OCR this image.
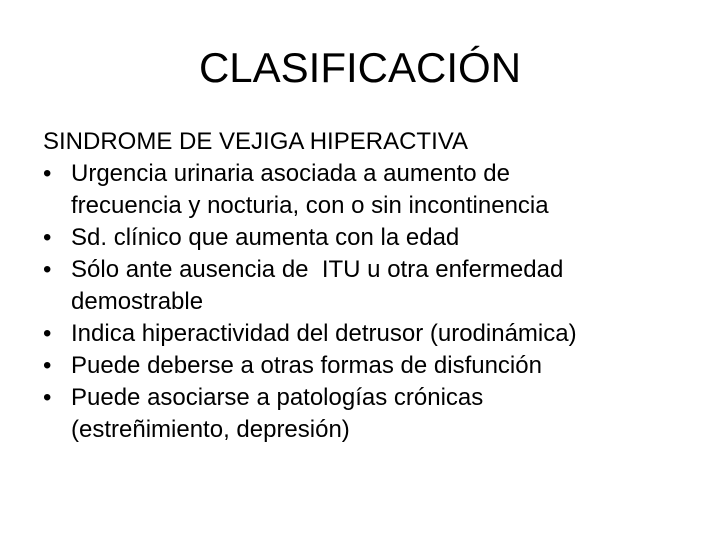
CLASIFICACIÓN
SINDROME DE VEJIGA HIPERACTIVA
• Urgencia urinaria asociada a aumento de
frecuencia y nocturia, con o sin incontinencia
• Sd. clínico que aumenta con la edad
• Sólo ante ausencia de  ITU u otra enfermedad
demostrable
• Indica hiperactividad del detrusor (urodinámica)
• Puede deberse a otras formas de disfunción
• Puede asociarse a patologías crónicas
(estreñimiento, depresión)
